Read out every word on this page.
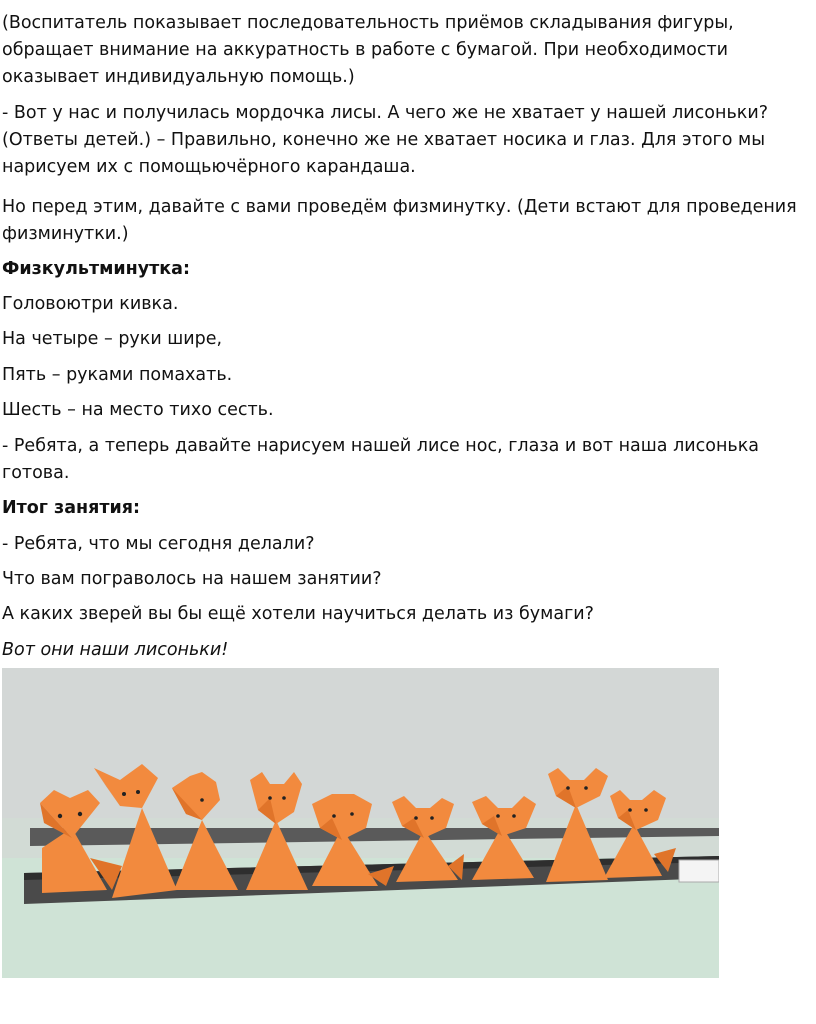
(Воспитатель показывает последовательность приёмов складывания фигуры, обращает внимание на аккуратность в работе с бумагой. При необходимости оказывает индивидуальную помощь.)
- Вот у нас и получилась мордочка лисы. А чего же не хватает у нашей лисоньки? (Ответы детей.) – Правильно, конечно же не хватает носика и глаз. Для этого мы нарисуем их с помощьючёрного карандаша.
Но перед этим, давайте с вами проведём физминутку. (Дети встают для проведения физминутки.)
Физкультминутка:
Головоютри кивка.
На четыре – руки шире,
Пять – руками помахать.
Шесть – на место тихо сесть.
- Ребята, а теперь давайте нарисуем нашей лисе нос, глаза и вот наша лисонька готова.
Итог занятия:
- Ребята, что мы сегодня делали?
Что вам пограволось на нашем занятии?
А каких зверей вы бы ещё хотели научиться делать из бумаги?
Вот они наши лисоньки!
